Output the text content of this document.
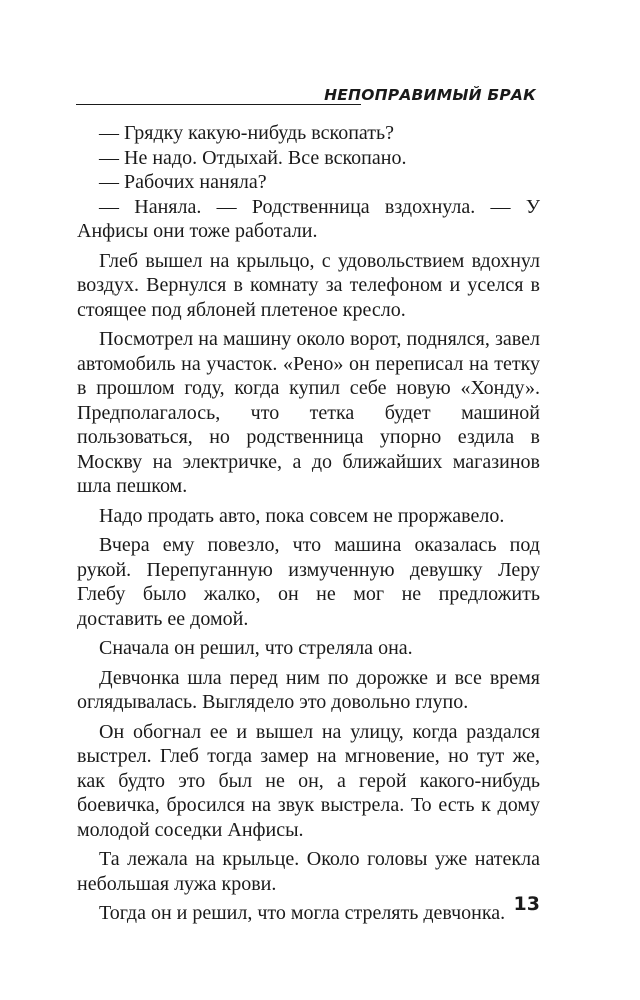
НЕПОПРАВИМЫЙ БРАК

— Грядку какую-нибудь вскопать?

— Не надо. Отдыхай. Все вскопано.

— Рабочих наняла?

— Наняла. — Родственница вздохнула. — У Анфисы они тоже работали.

Глеб вышел на крыльцо, с удовольствием вдохнул воздух. Вернулся в комнату за телефоном и уселся в стоящее под яблоней плетеное кресло.

Посмотрел на машину около ворот, поднялся, завел автомобиль на участок. «Рено» он переписал на тетку в прошлом году, когда купил себе новую «Хонду». Предполагалось, что тетка будет машиной пользоваться, но родственница упорно ездила в Москву на электричке, а до ближайших магазинов шла пешком.

Надо продать авто, пока совсем не проржавело.

Вчера ему повезло, что машина оказалась под рукой. Перепуганную измученную девушку Леру Глебу было жалко, он не мог не предложить доставить ее домой.

Сначала он решил, что стреляла она.

Девчонка шла перед ним по дорожке и все время оглядывалась. Выглядело это довольно глупо.

Он обогнал ее и вышел на улицу, когда раздался выстрел. Глеб тогда замер на мгновение, но тут же, как будто это был не он, а герой какого-нибудь боевичка, бросился на звук выстрела. То есть к дому молодой соседки Анфисы.

Та лежала на крыльце. Около головы уже натекла небольшая лужа крови.

Тогда он и решил, что могла стрелять девчонка. 13
